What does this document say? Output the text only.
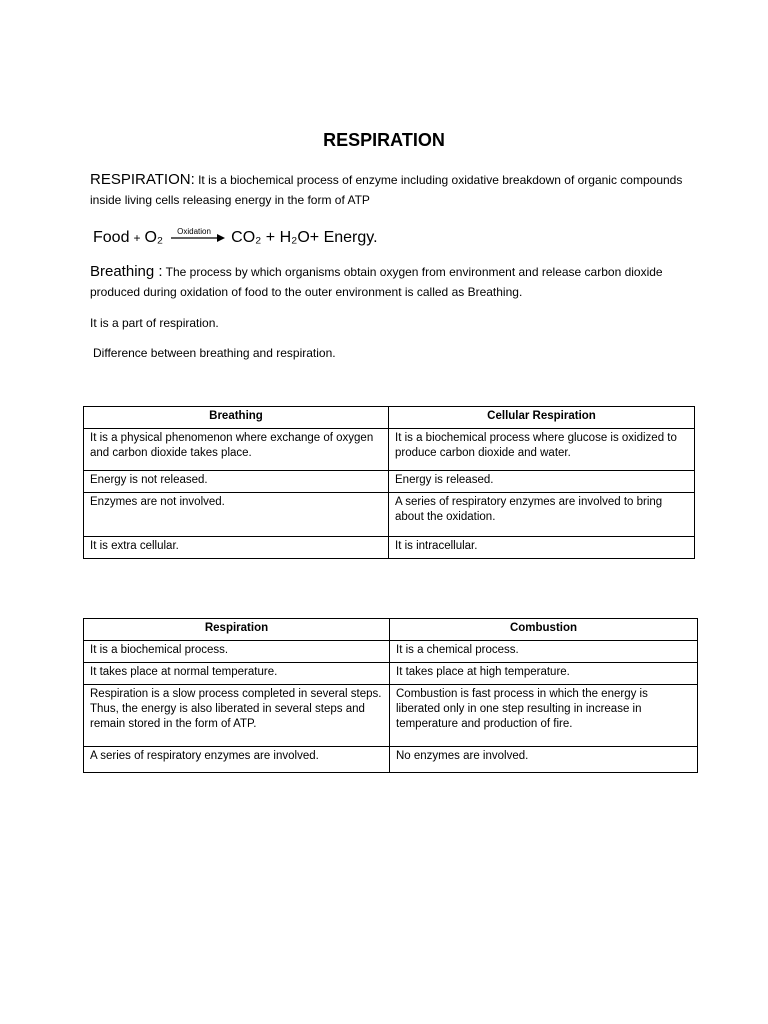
RESPIRATION
RESPIRATION: It is a biochemical process of enzyme including oxidative breakdown of organic compounds inside living cells releasing energy in the form of ATP
Food + O₂ Oxidation CO₂ + H₂O+ Energy.
Breathing : The process by which organisms obtain oxygen from environment and release carbon dioxide produced during oxidation of food to the outer environment is called as Breathing.
It is a part of respiration.
Difference between breathing and respiration.
Breathing	Cellular Respiration
It is a physical phenomenon where exchange of oxygen and carbon dioxide takes place.	It is a biochemical process where glucose is oxidized to produce carbon dioxide and water.
Energy is not released.	Energy is released.
Enzymes are not involved.	A series of respiratory enzymes are involved to bring about the oxidation.
It is extra cellular.	It is intracellular.
Respiration	Combustion
It is a biochemical process.	It is a chemical process.
It takes place at normal temperature.	It takes place at high temperature.
Respiration is a slow process completed in several steps. Thus, the energy is also liberated in several steps and remain stored in the form of ATP.	Combustion is fast process in which the energy is liberated only in one step resulting in increase in temperature and production of fire.
A series of respiratory enzymes are involved.	No enzymes are involved.
